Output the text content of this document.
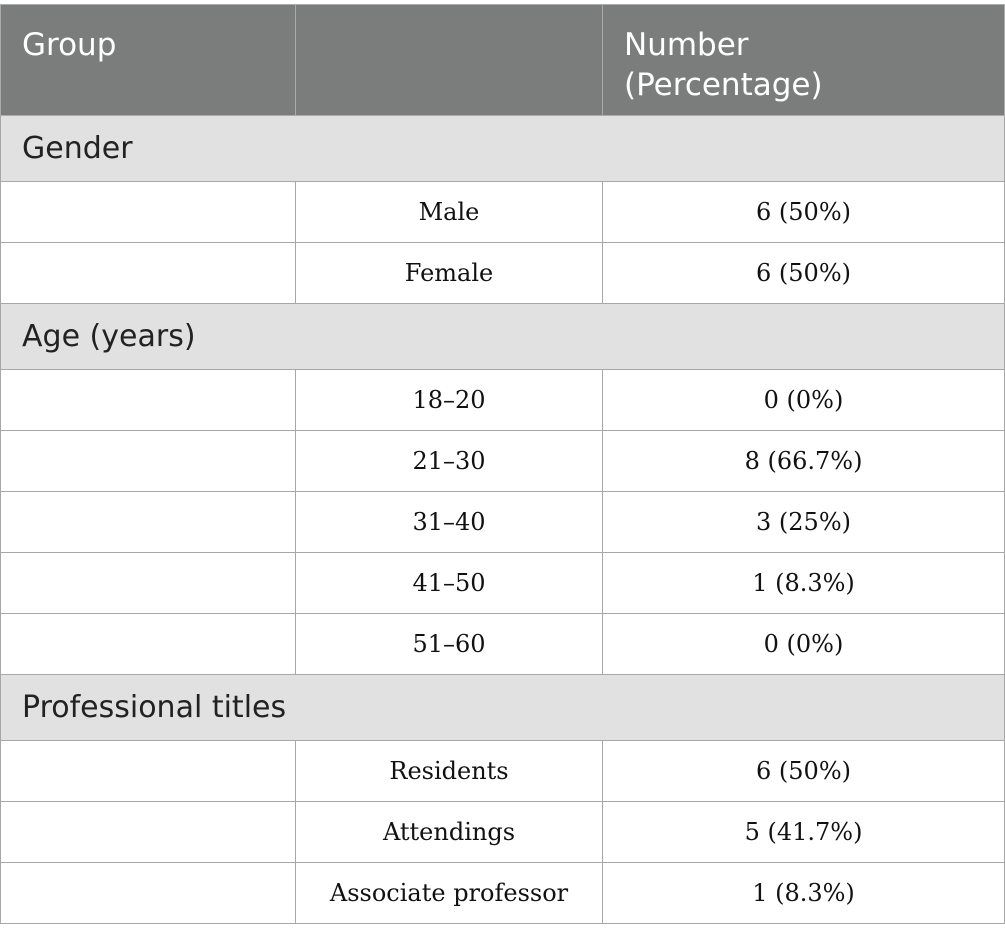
Group		Number
(Percentage)
Gender		
	Male	6 (50%)
	Female	6 (50%)
Age (years)		
	18–20	0 (0%)
	21–30	8 (66.7%)
	31–40	3 (25%)
	41–50	1 (8.3%)
	51–60	0 (0%)
Professional titles		
	Residents	6 (50%)
	Attendings	5 (41.7%)
	Associate professor	1 (8.3%)
